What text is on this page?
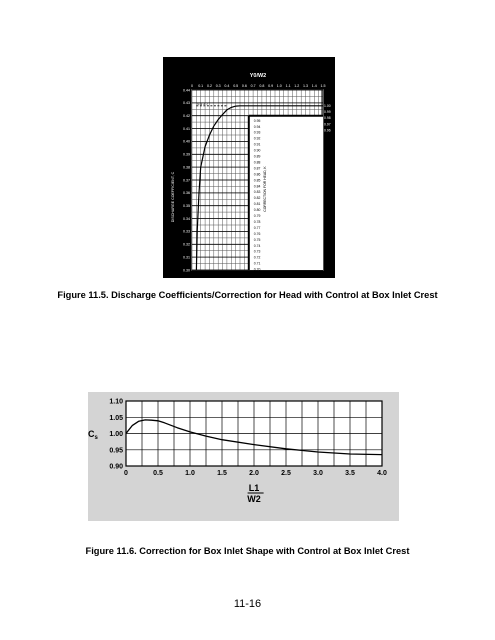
0.4 3 7
0 0.1 0.2 0.3 0.4 0.5 0.6 0.7 0.8 0.9 1.0 1.1 1.2 1.3 1.4 1.5
Y0/W2
0.44
0.43
0.42
0.41
0.40
0.39
0.38
0.37
0.36
0.35
0.34
0.33
0.32
0.31
0.30
DISCHARGE COEFFICIENT, C
1.00
0.99
0.98
0.97
0.96
0.95
0.94
0.93
0.92
0.91
0.90
0.89
0.88
0.87
0.86
0.85
0.84
0.83
0.82
0.81
0.80
0.79
0.78
0.77
0.76
0.75
0.74
0.73
0.72
0.71
0.70
CORRECTION FOR HEAD, K
Figure 11.5. Discharge Coefficients/Correction for Head with Control at Box Inlet Crest
1.10
1.05
1.00
0.95
0.90
0	0.5	1.0	1.5	2.0	2.5	3.0	3.5	4.0
$C_s$
L1
W2
Figure 11.6. Correction for Box Inlet Shape with Control at Box Inlet Crest
11-16
